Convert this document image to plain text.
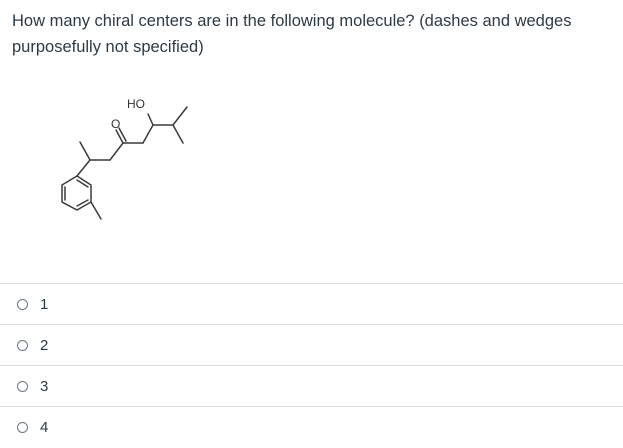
How many chiral centers are in the following molecule? (dashes and wedges purposefully not specified)
O
HO
1
2
3
4
